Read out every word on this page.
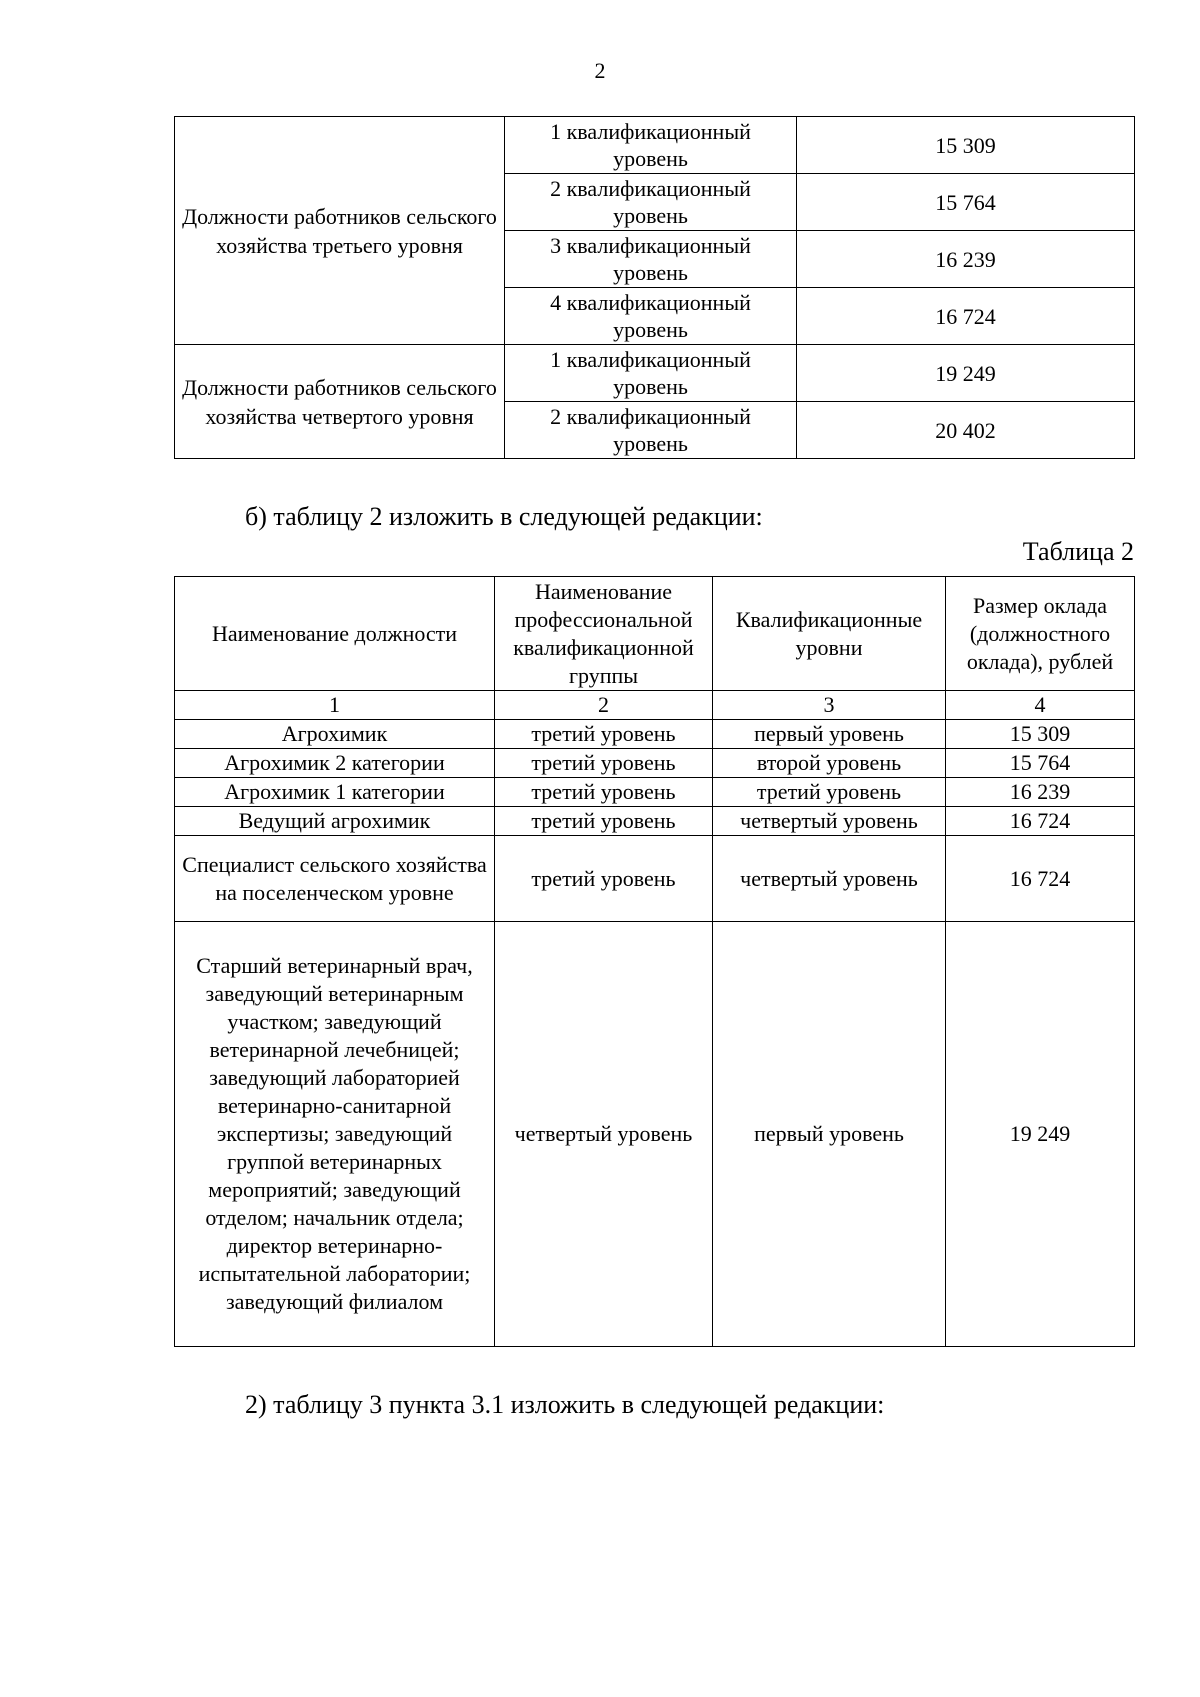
2
Должности работников сельского хозяйства третьего уровня	1 квалификационный уровень	15 309
	2 квалификационный уровень	15 764
	3 квалификационный уровень	16 239
	4 квалификационный уровень	16 724
Должности работников сельского хозяйства четвертого уровня	1 квалификационный уровень	19 249
	2 квалификационный уровень	20 402
б) таблицу 2 изложить в следующей редакции:
Таблица 2
Наименование должности	Наименование профессиональной квалификационной группы	Квалификационные уровни	Размер оклада (должностного оклада), рублей
1	2	3	4
Агрохимик	третий уровень	первый уровень	15 309
Агрохимик 2 категории	третий уровень	второй уровень	15 764
Агрохимик 1 категории	третий уровень	третий уровень	16 239
Ведущий агрохимик	третий уровень	четвертый уровень	16 724
Специалист сельского хозяйства на поселенческом уровне	третий уровень	четвертый уровень	16 724
Старший ветеринарный врач, заведующий ветеринарным участком; заведующий ветеринарной лечебницей; заведующий лабораторией ветеринарно-санитарной экспертизы; заведующий группой ветеринарных мероприятий; заведующий отделом; начальник отдела; директор ветеринарно-испытательной лаборатории; заведующий филиалом	четвертый уровень	первый уровень	19 249
2) таблицу 3 пункта 3.1 изложить в следующей редакции:
